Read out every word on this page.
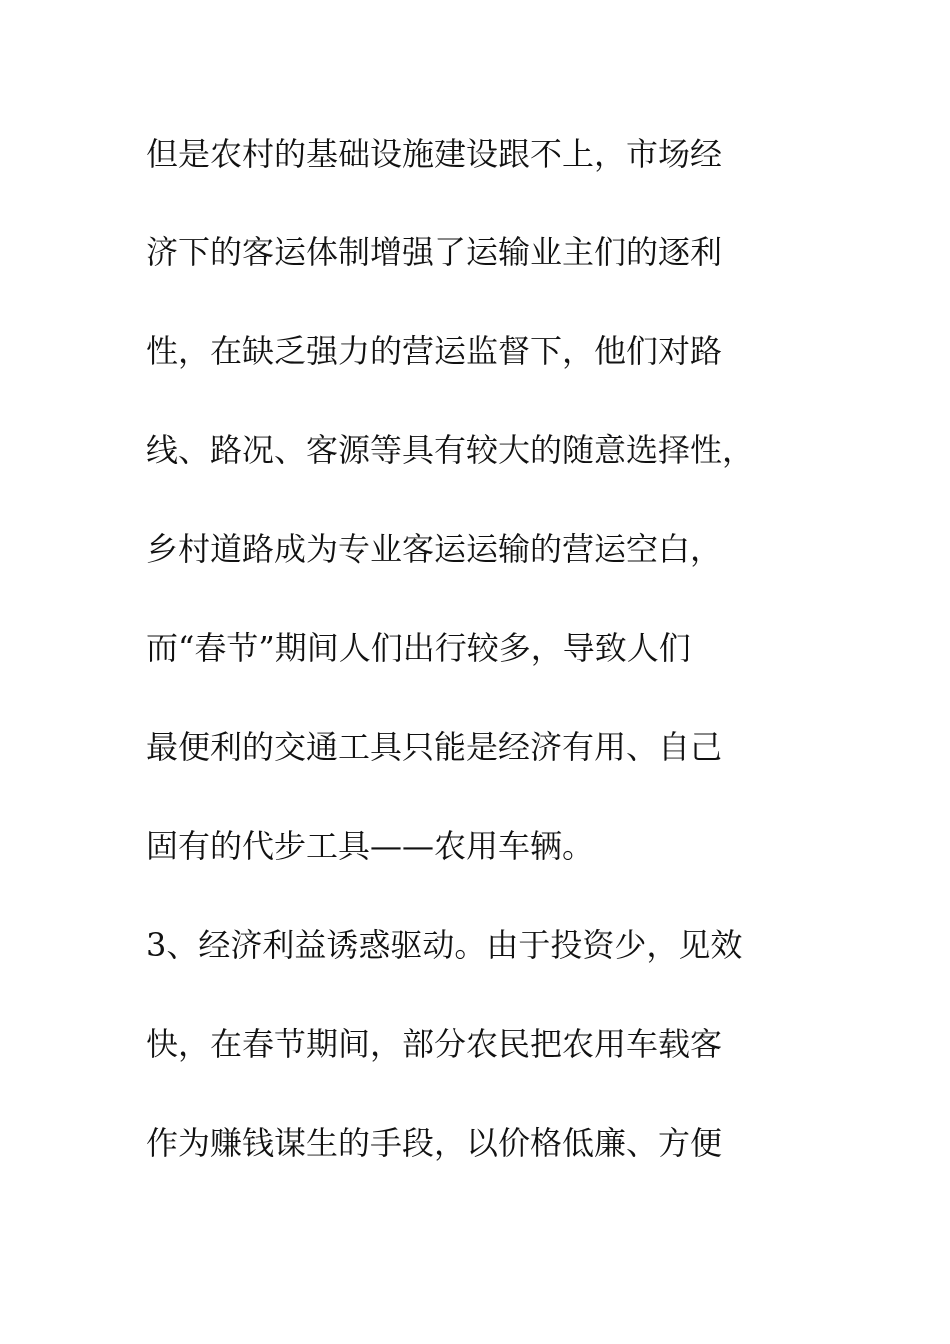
但是农村的基础设施建设跟不上，市场经
济下的客运体制增强了运输业主们的逐利
性，在缺乏强力的营运监督下，他们对路
线、路况、客源等具有较大的随意选择性，
乡村道路成为专业客运运输的营运空白，
而“春节”期间人们出行较多，导致人们
最便利的交通工具只能是经济有用、自己
固有的代步工具——农用车辆。
3、经济利益诱惑驱动。由于投资少，见效
快，在春节期间，部分农民把农用车载客
作为赚钱谋生的手段，以价格低廉、方便
